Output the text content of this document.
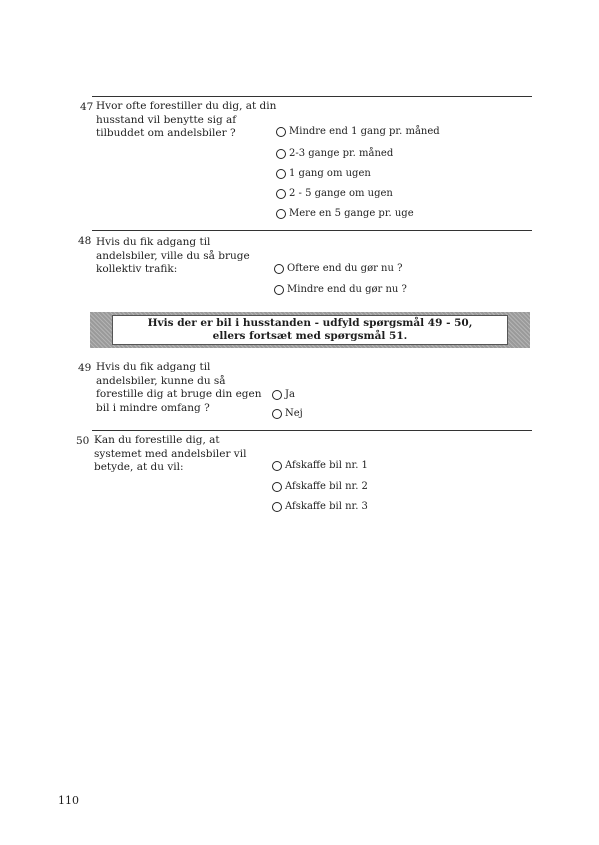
47 Hvor ofte forestiller du dig, at din husstand vil benytte sig af tilbuddet om andelsbiler ?	Mindre end 1 gang pr. måned
2-3 gange pr. måned
1 gang om ugen
2 - 5 gange om ugen
Mere en 5 gange pr. uge
48 Hvis du fik adgang til andelsbiler, ville du så bruge kollektiv trafik:	Oftere end du gør nu ?
Mindre end du gør nu ?
Hvis der er bil i husstanden - udfyld spørgsmål 49 - 50,
ellers fortsæt med spørgsmål 51.
49 Hvis du fik adgang til andelsbiler, kunne du så forestille dig at bruge din egen bil i mindre omfang ?
Ja
Nej
50 Kan du forestille dig, at systemet med andelsbiler vil betyde, at du vil:	Afskaffe bil nr. 1
Afskaffe bil nr. 2
Afskaffe bil nr. 3
110
